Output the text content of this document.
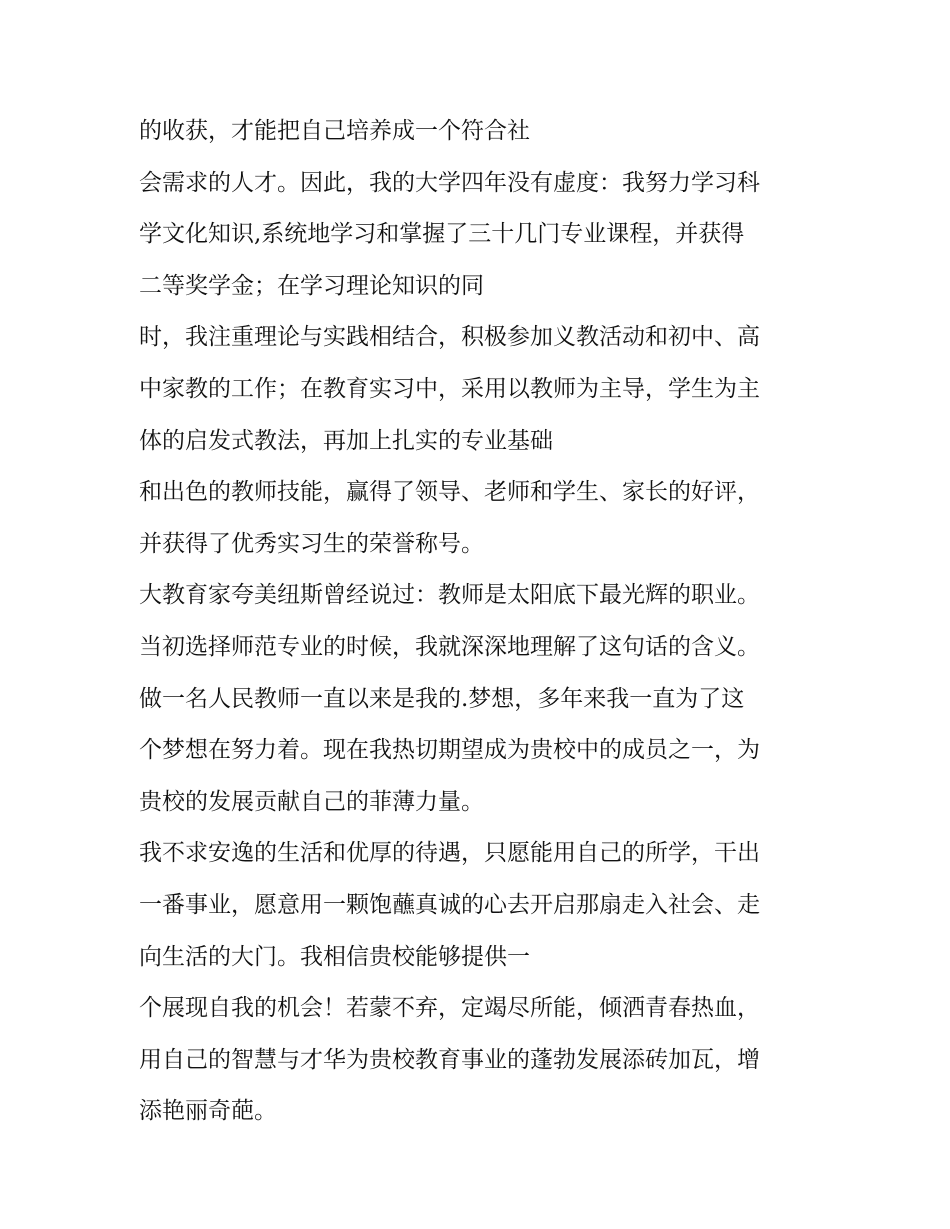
的收获，才能把自己培养成一个符合社
会需求的人才。因此，我的大学四年没有虚度：我努力学习科
学文化知识,系统地学习和掌握了三十几门专业课程，并获得
二等奖学金；在学习理论知识的同
时，我注重理论与实践相结合，积极参加义教活动和初中、高
中家教的工作；在教育实习中，采用以教师为主导，学生为主
体的启发式教法，再加上扎实的专业基础
和出色的教师技能，赢得了领导、老师和学生、家长的好评，
并获得了优秀实习生的荣誉称号。
大教育家夸美纽斯曾经说过：教师是太阳底下最光辉的职业。
当初选择师范专业的时候，我就深深地理解了这句话的含义。
做一名人民教师一直以来是我的.梦想，多年来我一直为了这
个梦想在努力着。现在我热切期望成为贵校中的成员之一，为
贵校的发展贡献自己的菲薄力量。
我不求安逸的生活和优厚的待遇，只愿能用自己的所学，干出
一番事业，愿意用一颗饱蘸真诚的心去开启那扇走入社会、走
向生活的大门。我相信贵校能够提供一
个展现自我的机会！若蒙不弃，定竭尽所能，倾洒青春热血，
用自己的智慧与才华为贵校教育事业的蓬勃发展添砖加瓦，增
添艳丽奇葩。
